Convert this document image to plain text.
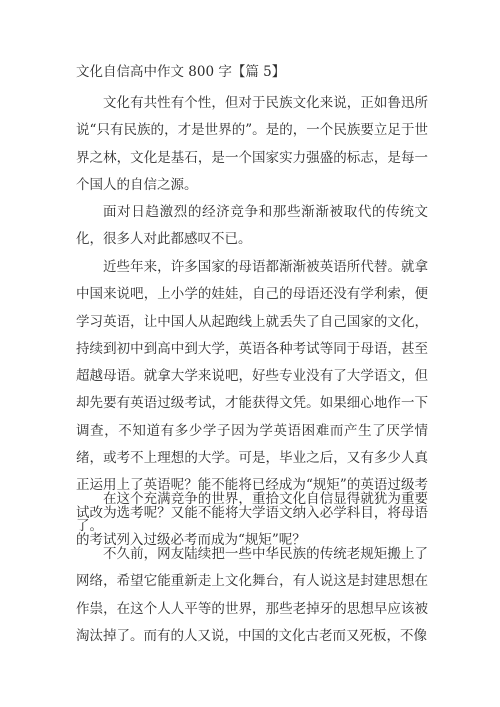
文化自信高中作文 800 字【篇 5】

文化有共性有个性，但对于民族文化来说，正如鲁迅所说“只有民族的，才是世界的”。是的，一个民族要立足于世界之林，文化是基石，是一个国家实力强盛的标志，是每一个国人的自信之源。

面对日趋激烈的经济竞争和那些渐渐被取代的传统文化，很多人对此都感叹不已。

近些年来，许多国家的母语都渐渐被英语所代替。就拿中国来说吧，上小学的娃娃，自己的母语还没有学利索，便学习英语，让中国人从起跑线上就丢失了自己国家的文化，持续到初中到高中到大学，英语各种考试等同于母语，甚至超越母语。就拿大学来说吧，好些专业没有了大学语文，但却先要有英语过级考试，才能获得文凭。如果细心地作一下调查，不知道有多少学子因为学英语困难而产生了厌学情绪，或考不上理想的大学。可是，毕业之后，又有多少人真正运用上了英语呢？能不能将已经成为“规矩”的英语过级考试改为选考呢？又能不能将大学语文纳入必学科目，将母语的考试列入过级必考而成为“规矩”呢？

在这个充满竞争的世界，重拾文化自信显得就犹为重要了。

不久前，网友陆续把一些中华民族的传统老规矩搬上了网络，希望它能重新走上文化舞台，有人说这是封建思想在作祟，在这个人人平等的世界，那些老掉牙的思想早应该被淘汰掉了。而有的人又说，中国的文化古老而又死板，不像
